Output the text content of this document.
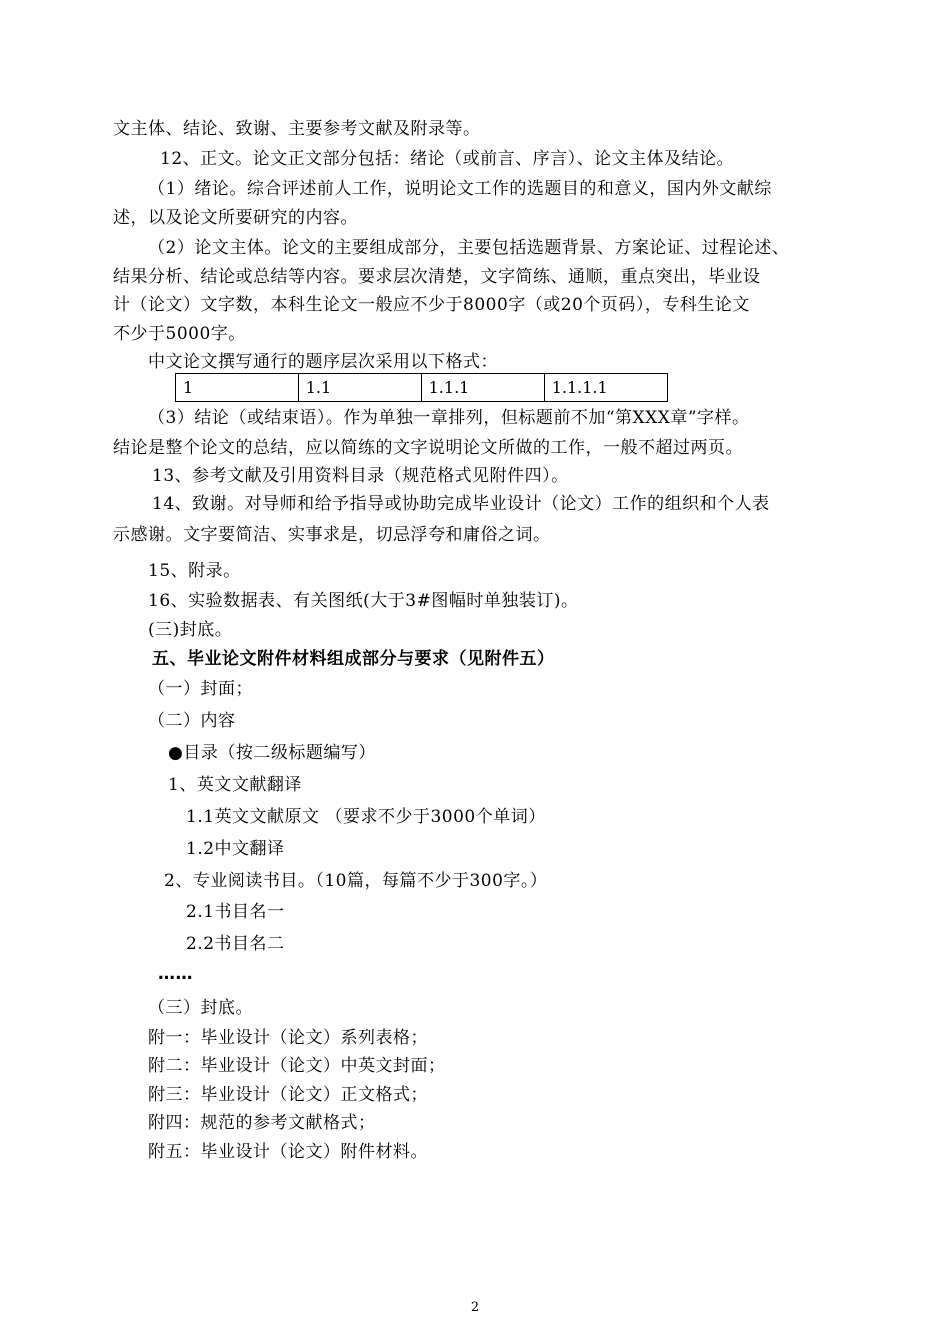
文主体、结论、致谢、主要参考文献及附录等。
12、正文。论文正文部分包括：绪论（或前言、序言）、论文主体及结论。
（1）绪论。综合评述前人工作，说明论文工作的选题目的和意义，国内外文献综
述，以及论文所要研究的内容。
（2）论文主体。论文的主要组成部分，主要包括选题背景、方案论证、过程论述、
结果分析、结论或总结等内容。要求层次清楚，文字简练、通顺，重点突出，毕业设
计（论文）文字数，本科生论文一般应不少于8000字（或20个页码），专科生论文
不少于5000字。
中文论文撰写通行的题序层次采用以下格式：
1	1.1	1.1.1	1.1.1.1
（3）结论（或结束语）。作为单独一章排列，但标题前不加“第XXX章”字样。
结论是整个论文的总结，应以简练的文字说明论文所做的工作，一般不超过两页。
13、参考文献及引用资料目录（规范格式见附件四）。
14、致谢。对导师和给予指导或协助完成毕业设计（论文）工作的组织和个人表
示感谢。文字要简洁、实事求是，切忌浮夸和庸俗之词。
15、附录。
16、实验数据表、有关图纸(大于3#图幅时单独装订)。
(三)封底。
五、毕业论文附件材料组成部分与要求（见附件五）
（一）封面；
（二）内容
●目录（按二级标题编写）
1、英文文献翻译
1.1英文文献原文 （要求不少于3000个单词）
1.2中文翻译
2、专业阅读书目。（10篇，每篇不少于300字。）
2.1书目名一
2.2书目名二
……
（三）封底。
附一：毕业设计（论文）系列表格；
附二：毕业设计（论文）中英文封面；
附三：毕业设计（论文）正文格式；
附四：规范的参考文献格式；
附五：毕业设计（论文）附件材料。
2
